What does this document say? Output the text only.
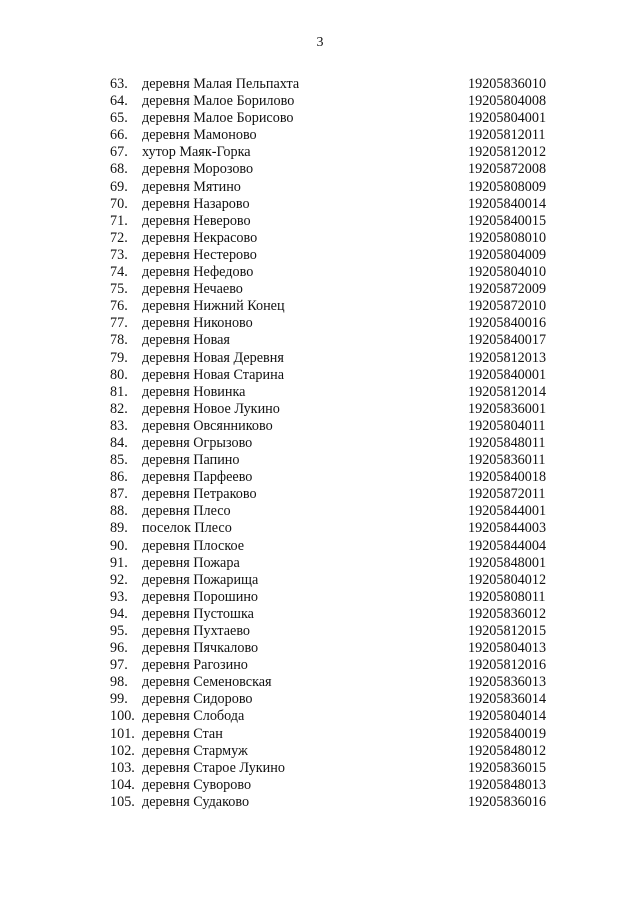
3
63.	деревня Малая Пельпахта	19205836010
64.	деревня Малое Борилово	19205804008
65.	деревня Малое Борисово	19205804001
66.	деревня Мамоново	19205812011
67.	хутор Маяк-Горка	19205812012
68.	деревня Морозово	19205872008
69.	деревня Мятино	19205808009
70.	деревня Назарово	19205840014
71.	деревня Неверово	19205840015
72.	деревня Некрасово	19205808010
73.	деревня Нестерово	19205804009
74.	деревня Нефедово	19205804010
75.	деревня Нечаево	19205872009
76.	деревня Нижний Конец	19205872010
77.	деревня Никоново	19205840016
78.	деревня Новая	19205840017
79.	деревня Новая Деревня	19205812013
80.	деревня Новая Старина	19205840001
81.	деревня Новинка	19205812014
82.	деревня Новое Лукино	19205836001
83.	деревня Овсянниково	19205804011
84.	деревня Огрызово	19205848011
85.	деревня Папино	19205836011
86.	деревня Парфеево	19205840018
87.	деревня Петраково	19205872011
88.	деревня Плесо	19205844001
89.	поселок Плесо	19205844003
90.	деревня Плоское	19205844004
91.	деревня Пожара	19205848001
92.	деревня Пожарища	19205804012
93.	деревня Порошино	19205808011
94.	деревня Пустошка	19205836012
95.	деревня Пухтаево	19205812015
96.	деревня Пячкалово	19205804013
97.	деревня Рагозино	19205812016
98.	деревня Семеновская	19205836013
99.	деревня Сидорово	19205836014
100. деревня Слобода	19205804014
101. деревня Стан	19205840019
102. деревня Стармуж	19205848012
103. деревня Старое Лукино	19205836015
104. деревня Суворово	19205848013
105. деревня Судаково	19205836016
